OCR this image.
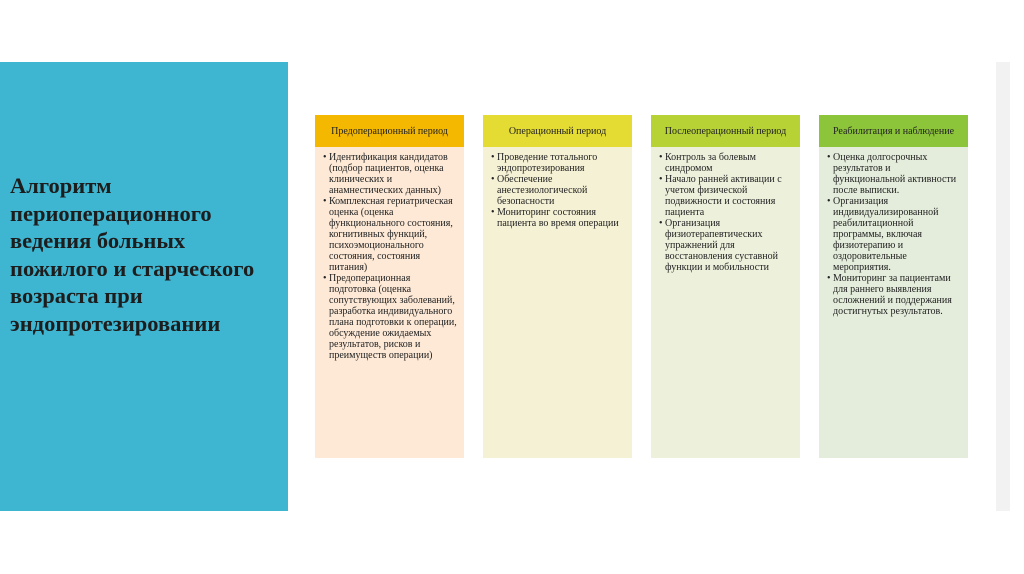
Алгоритм периоперационного ведения больных пожилого и старческого возраста при эндопротезировании
Предоперационный период
• Идентификация кандидатов (подбор пациентов, оценка клинических и анамнестических данных)
• Комплексная гериатрическая оценка (оценка функционального состояния, когнитивных функций, психоэмоционального состояния, состояния питания)
• Предоперационная подготовка (оценка сопутствующих заболеваний, разработка индивидуального плана подготовки к операции, обсуждение ожидаемых результатов, рисков и преимуществ операции)
Операционный период
• Проведение тотального эндопротезирования
• Обеспечение анестезиологической безопасности
• Мониторинг состояния пациента во время операции
Послеоперационный период
• Контроль за болевым синдромом
• Начало ранней активации с учетом физической подвижности и состояния пациента
• Организация физиотерапевтических упражнений для восстановления суставной функции и мобильности
Реабилитация и наблюдение
• Оценка долгосрочных результатов и функциональной активности после выписки.
• Организация индивидуализированной реабилитационной программы, включая физиотерапию и оздоровительные мероприятия.
• Мониторинг за пациентами для раннего выявления осложнений и поддержания достигнутых результатов.
